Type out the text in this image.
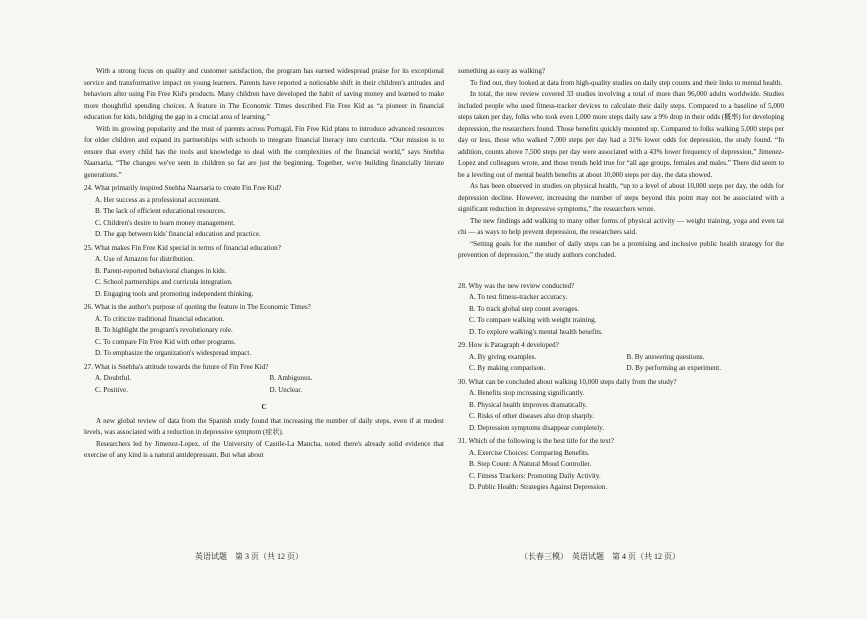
With a strong focus on quality and customer satisfaction, the program has earned widespread praise for its exceptional service and transformative impact on young learners. Parents have reported a noticeable shift in their children's attitudes and behaviors after using Fin Free Kid's products. Many children have developed the habit of saving money and learned to make more thoughtful spending choices. A feature in The Economic Times described Fin Free Kid as “a pioneer in financial education for kids, bridging the gap in a crucial area of learning.”

With its growing popularity and the trust of parents across Portugal, Fin Free Kid plans to introduce advanced resources for older children and expand its partnerships with schools to integrate financial literacy into curricula. “Our mission is to ensure that every child has the tools and knowledge to deal with the complexities of the financial world,” says Snehha Naarsaria, “The changes we've seen in children so far are just the beginning. Together, we're building financially literate generations.”

24. What primarily inspired Snehha Naarsaria to create Fin Free Kid?

A. Her success as a professional accountant.

B. The lack of efficient educational resources.

C. Children's desire to learn money management.

D. The gap between kids' financial education and practice.

25. What makes Fin Free Kid special in terms of financial education?

A. Use of Amazon for distribution.

B. Parent-reported behavioral changes in kids.

C. School partnerships and curricula integration.

D. Engaging tools and promoting independent thinking.

26. What is the author's purpose of quoting the feature in The Economic Times?

A. To criticize traditional financial education.

B. To highlight the program's revolutionary role.

C. To compare Fin Free Kid with other programs.

D. To emphasize the organization's widespread impact.

27. What is Snehha's attitude towards the future of Fin Free Kid?

A. Doubtful.	B. Ambiguous.
C. Positive.	D. Unclear.
C

A new global review of data from the Spanish study found that increasing the number of daily steps, even if at modest levels, was associated with a reduction in depressive symptom (症状).

Researchers led by Jimenez-Lopez, of the University of Castile-La Mancha, noted there's already solid evidence that exercise of any kind is a natural antidepressant. But what about

something as easy as walking?

To find out, they looked at data from high-quality studies on daily step counts and their links to mental health.

In total, the new review covered 33 studies involving a total of more than 96,000 adults worldwide. Studies included people who used fitness-tracker devices to calculate their daily steps. Compared to a baseline of 5,000 steps taken per day, folks who took even 1,000 more steps daily saw a 9% drop in their odds (概率) for developing depression, the researchers found. Those benefits quickly mounted up. Compared to folks walking 5,000 steps per day or less, those who walked 7,000 steps per day had a 31% lower odds for depression, the study found. “In addition, counts above 7,500 steps per day were associated with a 43% lower frequency of depression,” Jimenez-Lopez and colleagues wrote, and those trends held true for “all age groups, females and males.” There did seem to be a leveling out of mental health benefits at about 10,000 steps per day, the data showed.

As has been observed in studies on physical health, “up to a level of about 10,000 steps per day, the odds for depression decline. However, increasing the number of steps beyond this point may not be associated with a significant reduction in depressive symptoms,” the researchers wrote.

The new findings add walking to many other forms of physical activity — weight training, yoga and even tai chi — as ways to help prevent depression, the researchers said.

“Setting goals for the number of daily steps can be a promising and inclusive public health strategy for the prevention of depression,” the study authors concluded.

28. Why was the new review conducted?

A. To test fitness-tracker accuracy.

B. To track global step count averages.

C. To compare walking with weight training.

D. To explore walking's mental health benefits.

29. How is Paragraph 4 developed?

A. By giving examples.	B. By answering questions.
C. By making comparison.	D. By performing an experiment.

30. What can be concluded about walking 10,000 steps daily from the study?

A. Benefits stop increasing significantly.

B. Physical health improves dramatically.

C. Risks of other diseases also drop sharply.

D. Depression symptoms disappear completely.

31. Which of the following is the best title for the text?

A. Exercise Choices: Comparing Benefits.

B. Step Count: A Natural Mood Controller.

C. Fitness Trackers: Promoting Daily Activity.

D. Public Health: Strategies Against Depression.

英语试题　第 3 页（共 12 页）	（长春三模）　英语试题　第 4 页（共 12 页）
